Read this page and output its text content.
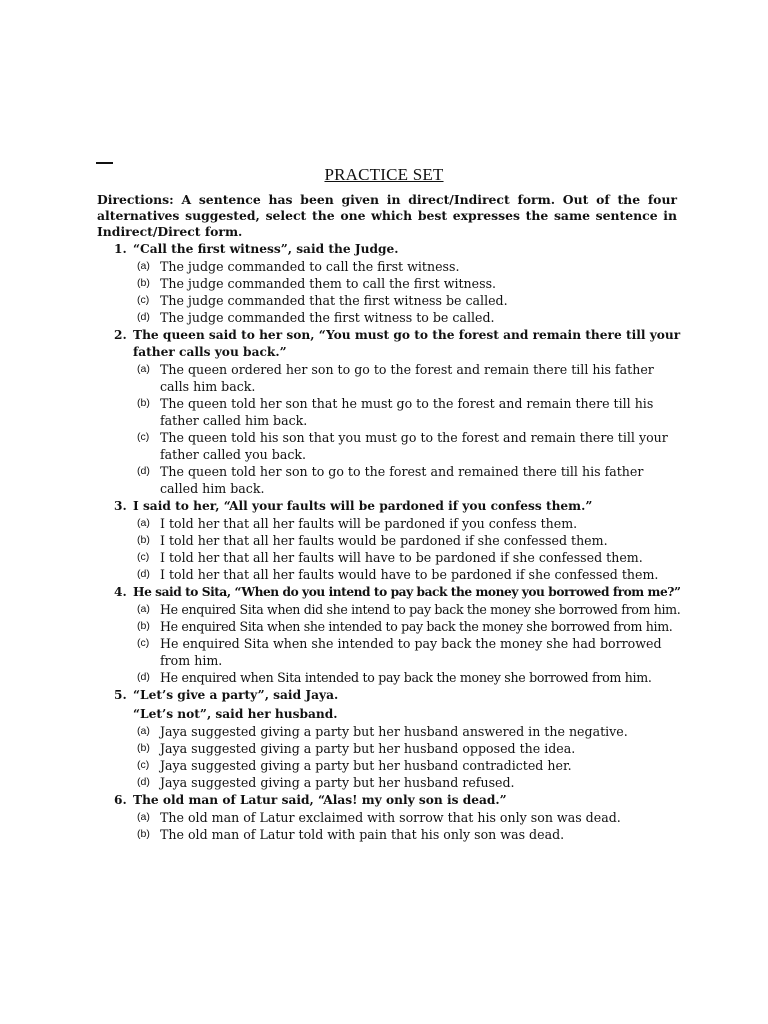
PRACTICE SET
Directions: A sentence has been given in direct/Indirect form. Out of the four alternatives suggested, select the one which best expresses the same sentence in Indirect/Direct form.
1. “Call the first witness”, said the Judge.
(a) The judge commanded to call the first witness.
(b) The judge commanded them to call the first witness.
(c) The judge commanded that the first witness be called.
(d) The judge commanded the first witness to be called.
2. The queen said to her son, “You must go to the forest and remain there till your father calls you back.”
(a) The queen ordered her son to go to the forest and remain there till his father calls him back.
(b) The queen told her son that he must go to the forest and remain there till his father called him back.
(c) The queen told his son that you must go to the forest and remain there till your father called you back.
(d) The queen told her son to go to the forest and remained there till his father called him back.
3. I said to her, “All your faults will be pardoned if you confess them.”
(a) I told her that all her faults will be pardoned if you confess them.
(b) I told her that all her faults would be pardoned if she confessed them.
(c) I told her that all her faults will have to be pardoned if she confessed them.
(d) I told her that all her faults would have to be pardoned if she confessed them.
4. He said to Sita, “When do you intend to pay back the money you borrowed from me?”
(a) He enquired Sita when did she intend to pay back the money she borrowed from him.
(b) He enquired Sita when she intended to pay back the money she borrowed from him.
(c) He enquired Sita when she intended to pay back the money she had borrowed from him.
(d) He enquired when Sita intended to pay back the money she borrowed from him.
5. “Let’s give a party”, said Jaya.
“Let’s not”, said her husband.
(a) Jaya suggested giving a party but her husband answered in the negative.
(b) Jaya suggested giving a party but her husband opposed the idea.
(c) Jaya suggested giving a party but her husband contradicted her.
(d) Jaya suggested giving a party but her husband refused.
6. The old man of Latur said, “Alas! my only son is dead.”
(a) The old man of Latur exclaimed with sorrow that his only son was dead.
(b) The old man of Latur told with pain that his only son was dead.
